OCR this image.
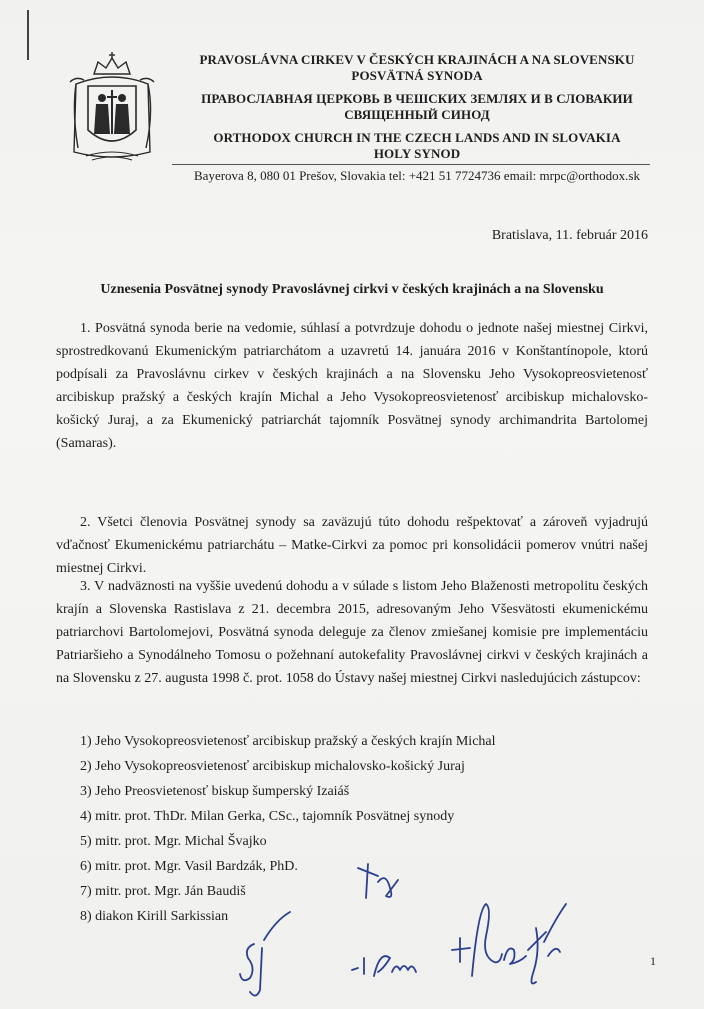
PRAVOSLÁVNA CIRKEV V ČESKÝCH KRAJINÁCH A NA SLOVENSKU
POSVÄTNÁ SYNODA
ПРАВОСЛАВНАЯ ЦЕРКОВЬ В ЧЕШСКИХ ЗЕМЛЯХ И В СЛОВАКИИ
СВЯЩЕННЫЙ СИНОД
ORTHODOX CHURCH IN THE CZECH LANDS AND IN SLOVAKIA
HOLY SYNOD
Bayerova 8, 080 01 Prešov, Slovakia tel: +421 51 7724736 email: mrpc@orthodox.sk
Bratislava, 11. február 2016
Uznesenia Posvätnej synody Pravoslávnej cirkvi v českých krajinách a na Slovensku

1. Posvätná synoda berie na vedomie, súhlasí a potvrdzuje dohodu o jednote našej miestnej Cirkvi, sprostredkovanú Ekumenickým patriarchátom a uzavretú 14. januára 2016 v Konštantínopole, ktorú podpísali za Pravoslávnu cirkev v českých krajinách a na Slovensku Jeho Vysokopreosvietenosť arcibiskup pražský a českých krajín Michal a Jeho Vysokopreosvietenosť arcibiskup michalovsko-košický Juraj, a za Ekumenický patriarchát tajomník Posvätnej synody archimandrita Bartolomej (Samaras).

2. Všetci členovia Posvätnej synody sa zaväzujú túto dohodu rešpektovať a zároveň vyjadrujú vďačnosť Ekumenickému patriarchátu – Matke-Cirkvi za pomoc pri konsolidácii pomerov vnútri našej miestnej Cirkvi.

3. V nadväznosti na vyššie uvedenú dohodu a v súlade s listom Jeho Blaženosti metropolitu českých krajín a Slovenska Rastislava z 21. decembra 2015, adresovaným Jeho Všesvätosti ekumenickému patriarchovi Bartolomejovi, Posvätná synoda deleguje za členov zmiešanej komisie pre implementáciu Patriaršieho a Synodálneho Tomosu o požehnaní autokefality Pravoslávnej cirkvi v českých krajinách a na Slovensku z 27. augusta 1998 č. prot. 1058 do Ústavy našej miestnej Cirkvi nasledujúcich zástupcov:

1) Jeho Vysokopreosvietenosť arcibiskup pražský a českých krajín Michal
2) Jeho Vysokopreosvietenosť arcibiskup michalovsko-košický Juraj
3) Jeho Preosvietenosť biskup šumperský Izaiáš
4) mitr. prot. ThDr. Milan Gerka, CSc., tajomník Posvätnej synody
5) mitr. prot. Mgr. Michal Švajko
6) mitr. prot. Mgr. Vasil Bardzák, PhD.
7) mitr. prot. Mgr. Ján Baudiš
8) diakon Kirill Sarkissian
1
